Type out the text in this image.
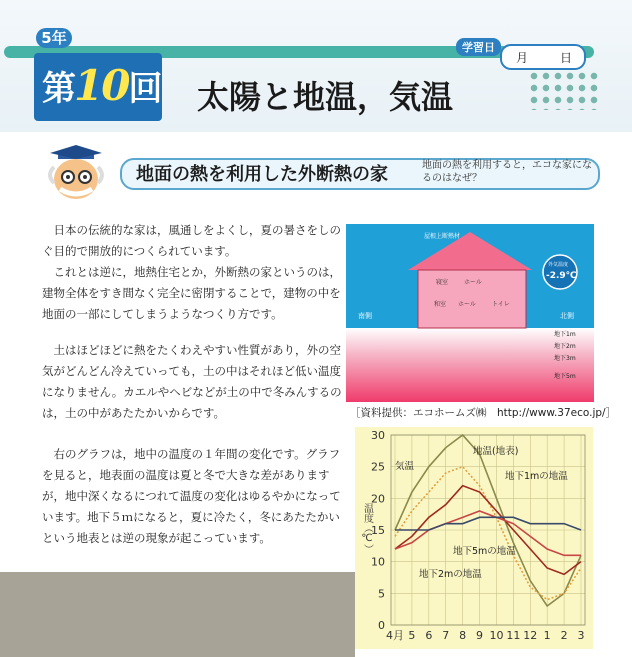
5年
第10回 太陽と地温，気温
学習日
月	日
地面の熱を利用した外断熱の家	地面の熱を利用すると，エコな家になるのはなぜ？
日本の伝統的な家は，風通しをよくし，夏の暑さをしのぐ目的で開放的につくられています。
これとは逆に，地熱住宅とか，外断熱の家というのは，建物全体をすき間なく完全に密閉することで，建物の中を地面の一部にしてしまうようなつくり方です。
土はほどほどに熱をたくわえやすい性質があり，外の空気がどんどん冷えていっても，土の中はそれほど低い温度になりません。カエルやヘビなどが土の中で冬みんするのは，土の中があたたかいからです。
右のグラフは，地中の温度の１年間の変化です。グラフを見ると，地表面の温度は夏と冬で大きな差がありますが，地中深くなるにつれて温度の変化はゆるやかになっています。地下５ｍになると，夏に冷たく，冬にあたたかいという地表とは逆の現象が起こっています。
屋根上断熱材
寝室	ホール
和室 ホール	トイレ
外気温度
-2.9℃
南側	北側
地下1m
地下2m
地下3m
地下5m
［資料提供：エコホームズ㈱　http://www.37eco.jp/］
0
5
10
15
20
25
30
4月 5 6 7 8 9 10 11 12 1 2 3
温度（℃）
地温(地表)
気温
地下1mの地温
地下2mの地温
地下5mの地温
